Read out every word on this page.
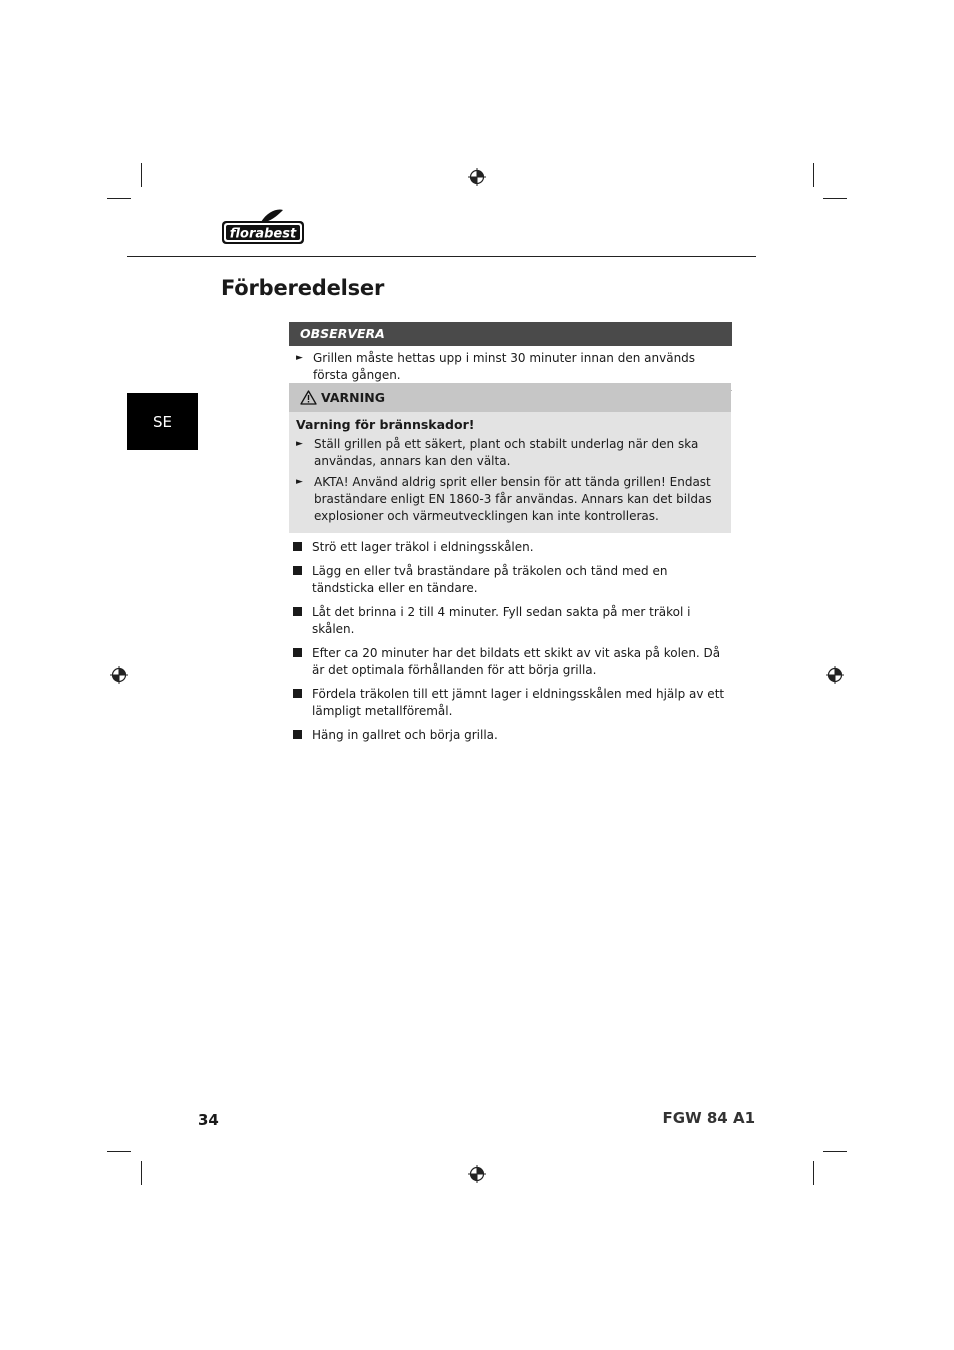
florabest
Förberedelser
SE
OBSERVERA
► Grillen måste hettas upp i minst 30 minuter innan den används första gången.
VARNING
Varning för brännskador!
► Ställ grillen på ett säkert, plant och stabilt underlag när den ska användas, annars kan den välta.
► AKTA! Använd aldrig sprit eller bensin för att tända grillen! Endast braständare enligt EN 1860-3 får användas. Annars kan det bildas explosioner och värmeutvecklingen kan inte kontrolleras.
Strö ett lager träkol i eldningsskålen.
Lägg en eller två braständare på träkolen och tänd med en tändsticka eller en tändare.
Låt det brinna i 2 till 4 minuter. Fyll sedan sakta på mer träkol i skålen.
Efter ca 20 minuter har det bildats ett skikt av vit aska på kolen. Då är det optimala förhållanden för att börja grilla.
Fördela träkolen till ett jämnt lager i eldningsskålen med hjälp av ett lämpligt metallföremål.
Häng in gallret och börja grilla.
34	FGW 84 A1
